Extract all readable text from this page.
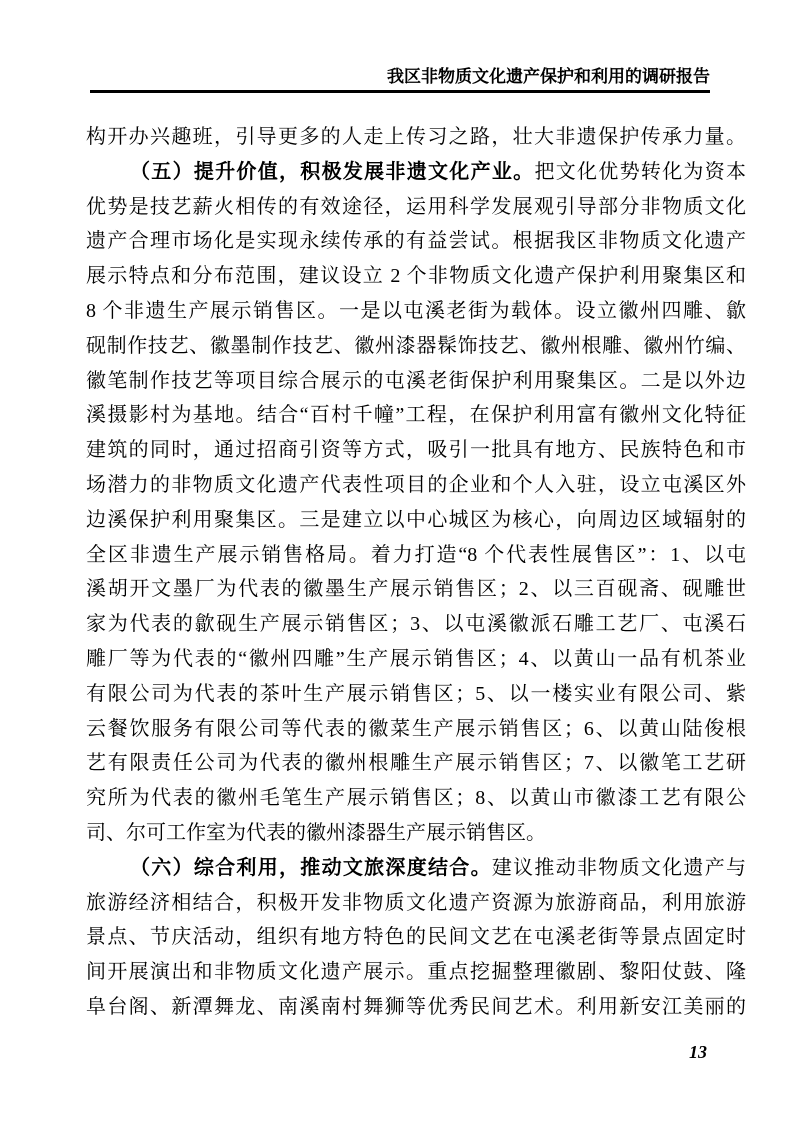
我区非物质文化遗产保护和利用的调研报告
构开办兴趣班，引导更多的人走上传习之路，壮大非遗保护传承力量。
（五）提升价值，积极发展非遗文化产业。把文化优势转化为资本
优势是技艺薪火相传的有效途径，运用科学发展观引导部分非物质文化
遗产合理市场化是实现永续传承的有益尝试。根据我区非物质文化遗产
展示特点和分布范围，建议设立 2 个非物质文化遗产保护利用聚集区和
8 个非遗生产展示销售区。一是以屯溪老街为载体。设立徽州四雕、歙
砚制作技艺、徽墨制作技艺、徽州漆器髹饰技艺、徽州根雕、徽州竹编、
徽笔制作技艺等项目综合展示的屯溪老街保护利用聚集区。二是以外边
溪摄影村为基地。结合“百村千幢”工程，在保护利用富有徽州文化特征
建筑的同时，通过招商引资等方式，吸引一批具有地方、民族特色和市
场潜力的非物质文化遗产代表性项目的企业和个人入驻，设立屯溪区外
边溪保护利用聚集区。三是建立以中心城区为核心，向周边区域辐射的
全区非遗生产展示销售格局。着力打造“8 个代表性展售区”：1、以屯
溪胡开文墨厂为代表的徽墨生产展示销售区；2、以三百砚斋、砚雕世
家为代表的歙砚生产展示销售区；3、以屯溪徽派石雕工艺厂、屯溪石
雕厂等为代表的“徽州四雕”生产展示销售区；4、以黄山一品有机茶业
有限公司为代表的茶叶生产展示销售区；5、以一楼实业有限公司、紫
云餐饮服务有限公司等代表的徽菜生产展示销售区；6、以黄山陆俊根
艺有限责任公司为代表的徽州根雕生产展示销售区；7、以徽笔工艺研
究所为代表的徽州毛笔生产展示销售区；8、以黄山市徽漆工艺有限公
司、尔可工作室为代表的徽州漆器生产展示销售区。
（六）综合利用，推动文旅深度结合。建议推动非物质文化遗产与
旅游经济相结合，积极开发非物质文化遗产资源为旅游商品，利用旅游
景点、节庆活动，组织有地方特色的民间文艺在屯溪老街等景点固定时
间开展演出和非物质文化遗产展示。重点挖掘整理徽剧、黎阳仗鼓、隆
阜台阁、新潭舞龙、南溪南村舞狮等优秀民间艺术。利用新安江美丽的
13
